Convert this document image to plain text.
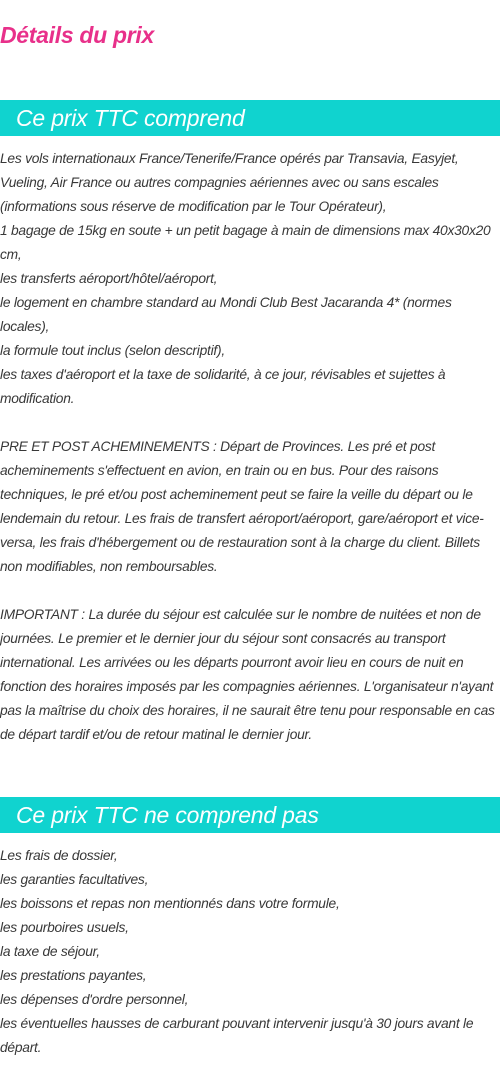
Détails du prix
Ce prix TTC comprend

Les vols internationaux France/Tenerife/France opérés par Transavia, Easyjet, Vueling, Air France ou autres compagnies aériennes avec ou sans escales (informations sous réserve de modification par le Tour Opérateur),

1 bagage de 15kg en soute + un petit bagage à main de dimensions max 40x30x20 cm,

les transferts aéroport/hôtel/aéroport,

le logement en chambre standard au Mondi Club Best Jacaranda 4* (normes locales),

la formule tout inclus (selon descriptif),

les taxes d'aéroport et la taxe de solidarité, à ce jour, révisables et sujettes à modification.

PRE ET POST ACHEMINEMENTS : Départ de Provinces. Les pré et post acheminements s'effectuent en avion, en train ou en bus. Pour des raisons techniques, le pré et/ou post acheminement peut se faire la veille du départ ou le lendemain du retour. Les frais de transfert aéroport/aéroport, gare/aéroport et vice-versa, les frais d'hébergement ou de restauration sont à la charge du client. Billets non modifiables, non remboursables.

IMPORTANT : La durée du séjour est calculée sur le nombre de nuitées et non de journées. Le premier et le dernier jour du séjour sont consacrés au transport international. Les arrivées ou les départs pourront avoir lieu en cours de nuit en fonction des horaires imposés par les compagnies aériennes. L'organisateur n'ayant pas la maîtrise du choix des horaires, il ne saurait être tenu pour responsable en cas de départ tardif et/ou de retour matinal le dernier jour.

Ce prix TTC ne comprend pas

Les frais de dossier,

les garanties facultatives,

les boissons et repas non mentionnés dans votre formule,

les pourboires usuels,

la taxe de séjour,

les prestations payantes,

les dépenses d'ordre personnel,

les éventuelles hausses de carburant pouvant intervenir jusqu'à 30 jours avant le départ.
